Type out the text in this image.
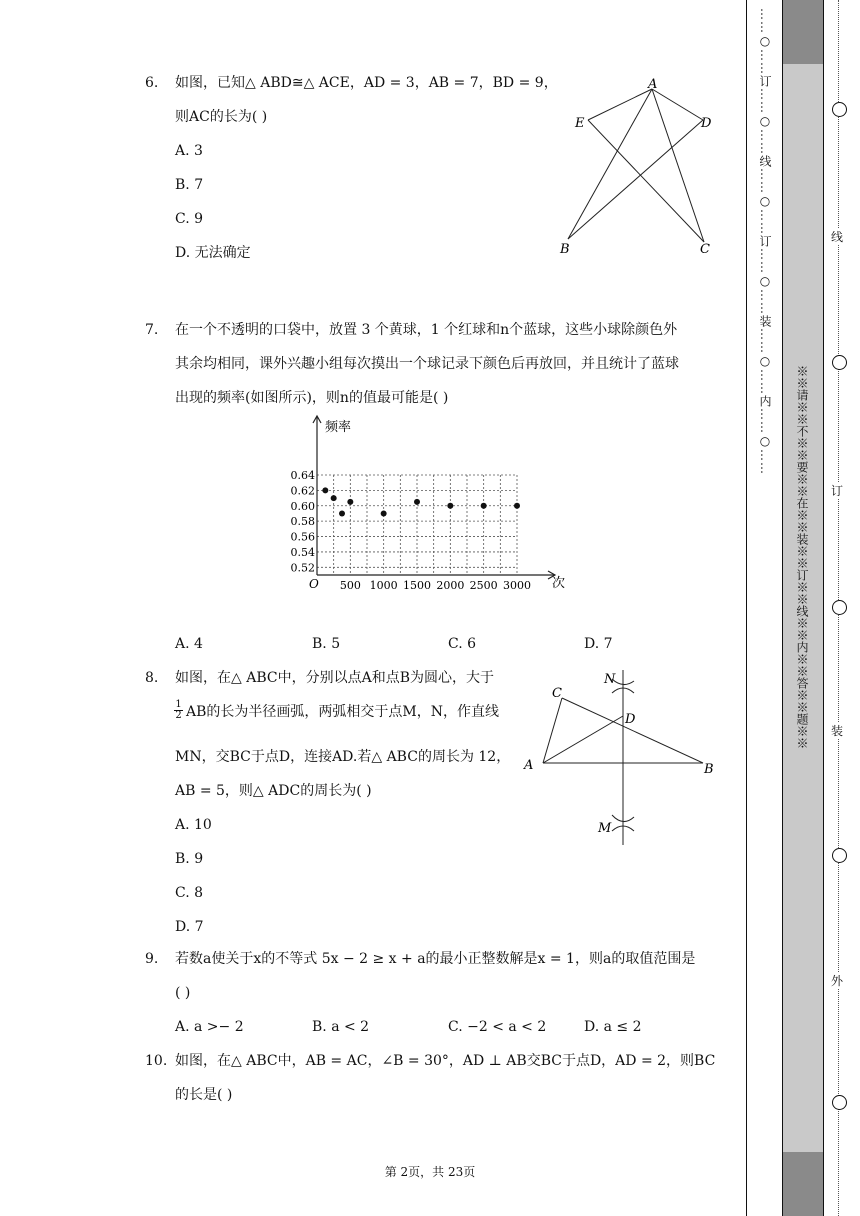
6. 如图，已知△ ABD≅△ ACE，AD = 3，AB = 7，BD = 9，
则AC的长为( )
A. 3
B. 7
C. 9
D. 无法确定
A
E	D
B	C
7. 在一个不透明的口袋中，放置 3 个黄球，1 个红球和n个蓝球，这些小球除颜色外
其余均相同，课外兴趣小组每次摸出一个球记录下颜色后再放回，并且统计了蓝球
出现的频率(如图所示)，则n的值最可能是( )
0.52
0.54
0.56
0.58
0.60
0.62
0.64
500 1000 1500 2000 2500 3000
频率
次
O
A. 4	B. 5	C. 6	D. 7
8. 如图，在△ ABC中，分别以点A和点B为圆心，大于
$\frac{1}{2}$ AB的长为半径画弧，两弧相交于点M，N，作直线
MN，交BC于点D，连接AD.若△ ABC的周长为 12，
AB = 5，则△ ADC的周长为( )
A. 10
B. 9
C. 8
D. 7
C
N
D
A	B
M
9. 若数a使关于x的不等式 5x − 2 ≥ x + a的最小正整数解是x = 1，则a的取值范围是
( )
A. a >− 2	B. a < 2	C. −2 < a < 2	D. a ≤ 2
10. 如图，在△ ABC中，AB = AC，∠B = 30°，AD ⊥ AB交BC于点D，AD = 2，则BC
的长是( )
第 2页，共 23页
……○……订……○……线……○……订……○……装……○……内……○……
※※请※※不※※要※※在※※装※※订※※线※※内※※答※※题※※
线
订
装
外
